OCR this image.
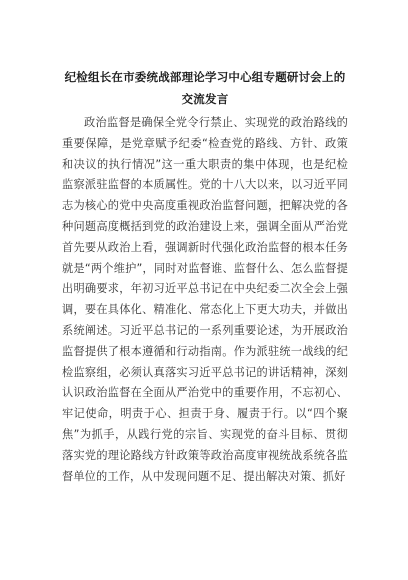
纪检组长在市委统战部理论学习中心组专题研讨会上的交流发言

政治监督是确保全党令行禁止、实现党的政治路线的重要保障，是党章赋予纪委“检查党的路线、方针、政策和决议的执行情况”这一重大职责的集中体现，也是纪检监察派驻监督的本质属性。党的十八大以来，以习近平同志为核心的党中央高度重视政治监督问题，把解决党的各种问题高度概括到党的政治建设上来，强调全面从严治党首先要从政治上看，强调新时代强化政治监督的根本任务就是“两个维护”，同时对监督谁、监督什么、怎么监督提出明确要求，年初习近平总书记在中央纪委二次全会上强调，要在具体化、精准化、常态化上下更大功夫，并做出系统阐述。习近平总书记的一系列重要论述，为开展政治监督提供了根本遵循和行动指南。作为派驻统一战线的纪检监察组，必须认真落实习近平总书记的讲话精神，深刻认识政治监督在全面从严治党中的重要作用，不忘初心、牢记使命，明责于心、担责于身、履责于行。以“四个聚焦”为抓手，从践行党的宗旨、实现党的奋斗目标、贯彻落实党的理论路线方针政策等政治高度审视统战系统各监督单位的工作，从中发现问题不足、提出解决对策、抓好
